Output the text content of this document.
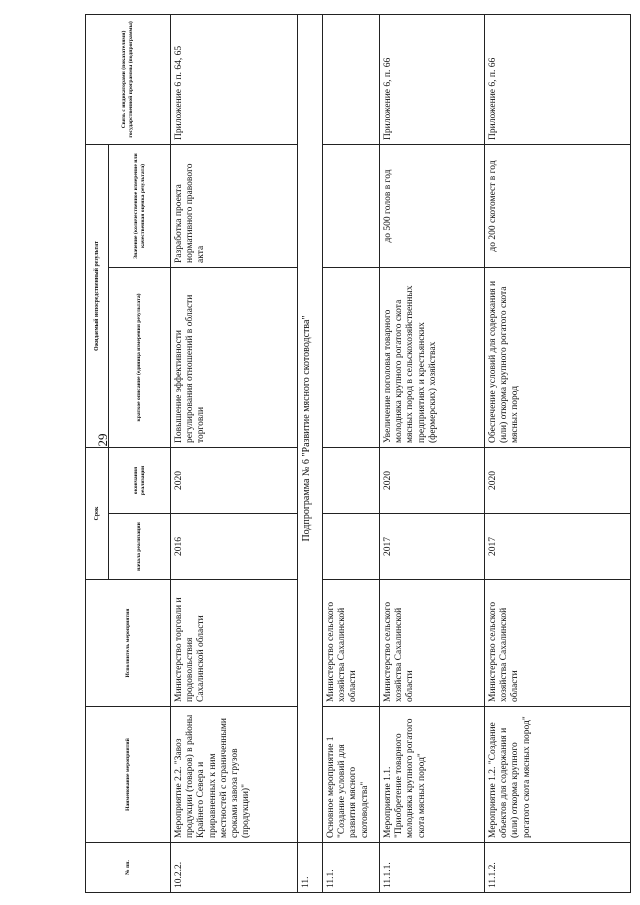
29
№ пп.	Наименование мероприятий	Исполнитель мероприятия	Срок		Ожидаемый непосредственный результат		Связь с индикаторами (показателями) государственной программы (подпрограммы)
			начала реализации	окончания реализации	краткое описание (единица измерения результата)	Значение (количественное измерение или качественная оценка результата)	
10.2.2.	Мероприятие 2.2. "Завоз продукции (товаров) в районы Крайнего Севера и приравненных к ним местностей с ограниченными сроками завоза грузов (продукции)"	Министерство торговли и продовольствия Сахалинской области	2016	2020	Повышение эффективности регулирования отношений в области торговли	Разработка проекта нормативного правового акта	Приложение 6 п. 64, 65
11.	Подпрограмма № 6 "Развитие мясного скотоводства"						
11.1.	Основное мероприятие 1 "Создание условий для развития мясного скотоводства"	Министерство сельского хозяйства Сахалинской области					
11.1.1.	Мероприятие 1.1. "Приобретение товарного молодняка крупного рогатого скота мясных пород"	Министерство сельского хозяйства Сахалинской области	2017	2020	Увеличение поголовья товарного молодняка крупного рогатого скота мясных пород в сельскохозяйственных предприятиях и крестьянских (фермерских) хозяйствах	до 500 голов в год	Приложение 6, п. 66
11.1.2.	Мероприятие 1.2. "Создание объектов для содержания и (или) откорма крупного рогатого скота мясных пород"	Министерство сельского хозяйства Сахалинской области	2017	2020	Обеспечение условий для содержания и (или) откорма крупного рогатого скота мясных пород	до 200 скотомест в год	Приложение 6, п. 66
